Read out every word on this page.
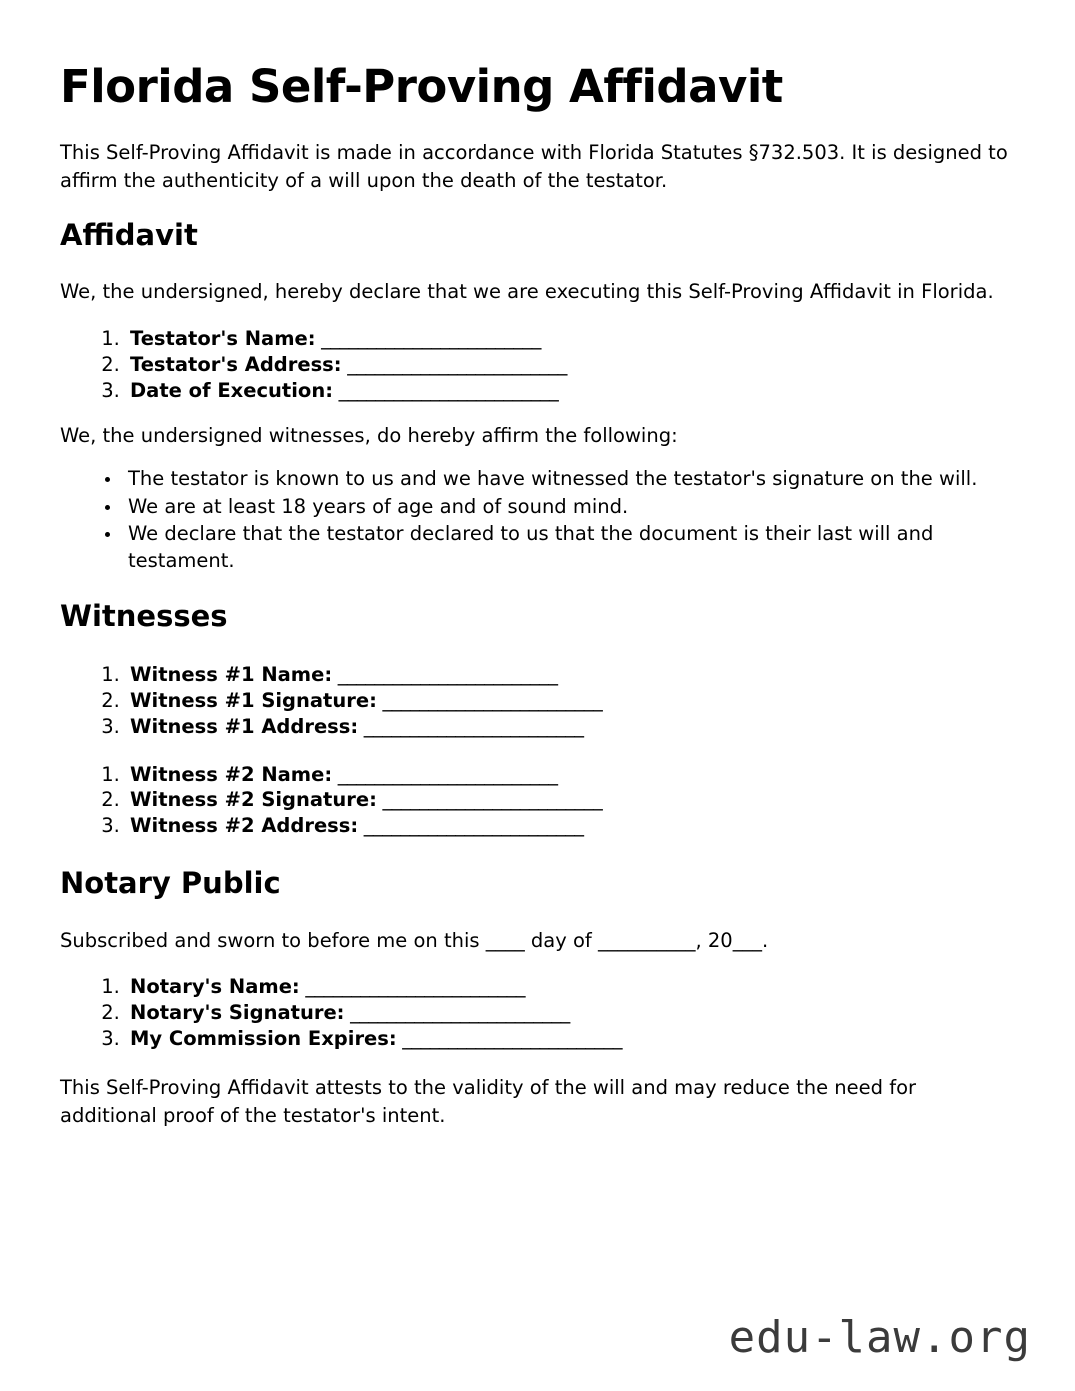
Florida Self-Proving Affidavit

This Self-Proving Affidavit is made in accordance with Florida Statutes §732.503. It is designed to affirm the authenticity of a will upon the death of the testator.

Affidavit

We, the undersigned, hereby declare that we are executing this Self-Proving Affidavit in Florida.

1. Testator's Name: ________________________
2. Testator's Address: ________________________
3. Date of Execution: ________________________

We, the undersigned witnesses, do hereby affirm the following:

• The testator is known to us and we have witnessed the testator's signature on the will.
• We are at least 18 years of age and of sound mind.
• We declare that the testator declared to us that the document is their last will and testament.
Witnesses
1. Witness #1 Name: ________________________
2. Witness #1 Signature: ________________________
3. Witness #1 Address: ________________________
1. Witness #2 Name: ________________________
2. Witness #2 Signature: ________________________
3. Witness #2 Address: ________________________
Notary Public

Subscribed and sworn to before me on this ____ day of __________, 20___.

1. Notary's Name: ________________________
2. Notary's Signature: ________________________
3. My Commission Expires: ________________________

This Self-Proving Affidavit attests to the validity of the will and may reduce the need for additional proof of the testator's intent.

edu-law.org
